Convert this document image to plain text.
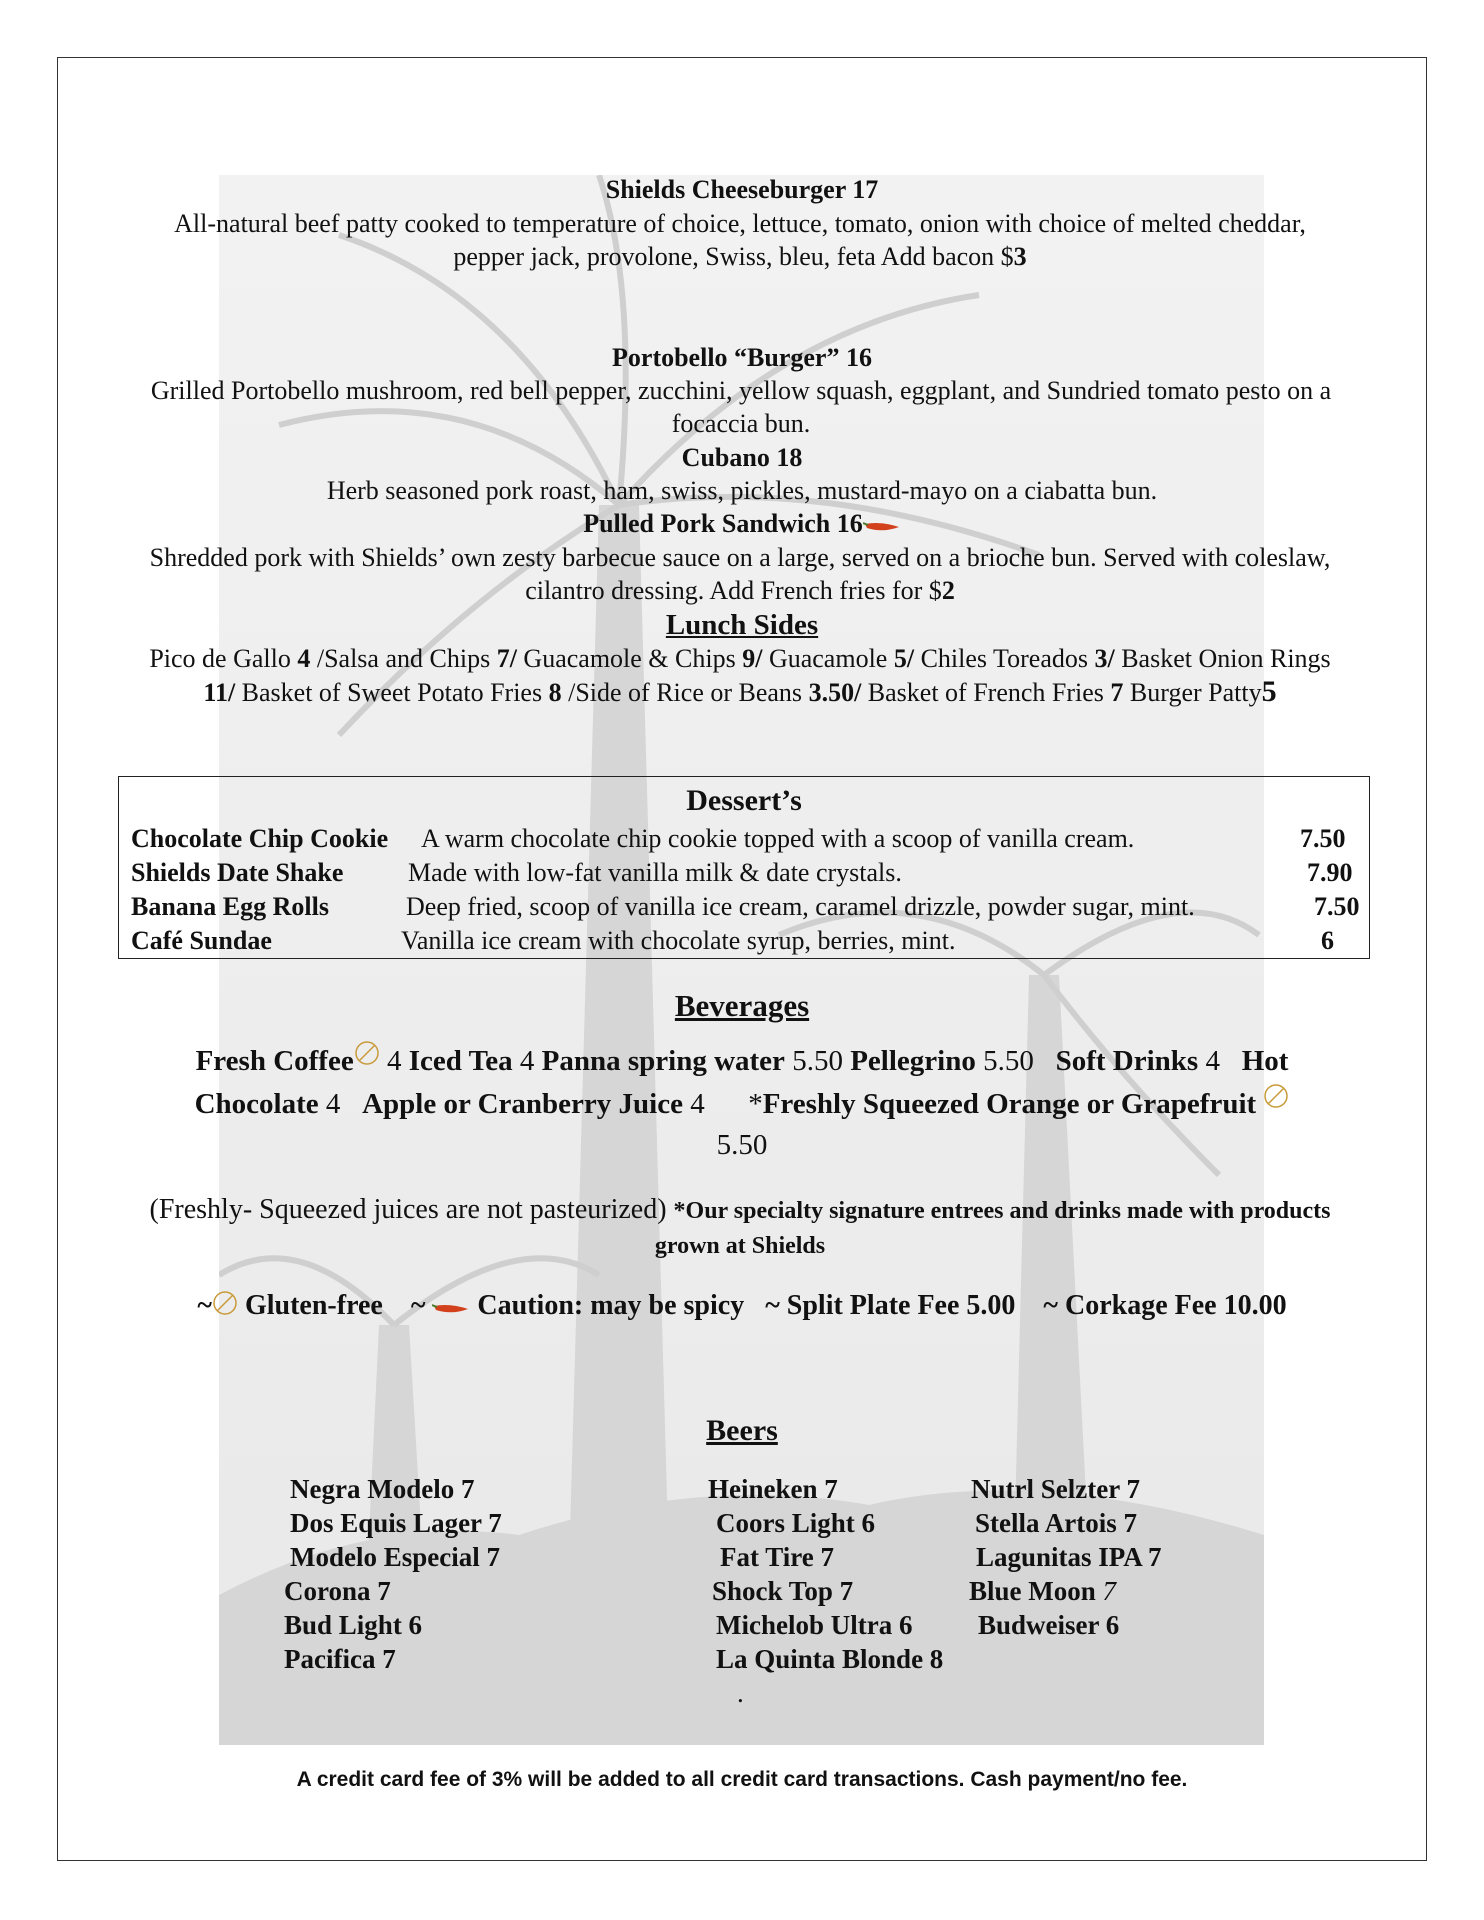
Shields Cheeseburger 17
All-natural beef patty cooked to temperature of choice, lettuce, tomato, onion with choice of melted cheddar, pepper jack, provolone, Swiss, bleu, feta Add bacon $3
Portobello “Burger” 16
Grilled Portobello mushroom, red bell pepper, zucchini, yellow squash, eggplant, and Sundried tomato pesto on a focaccia bun.
Cubano 18
Herb seasoned pork roast, ham, swiss, pickles, mustard-mayo on a ciabatta bun.
Pulled Pork Sandwich 16
Shredded pork with Shields’ own zesty barbecue sauce on a large, served on a brioche bun. Served with coleslaw, cilantro dressing. Add French fries for $2
Lunch Sides
Pico de Gallo 4 /Salsa and Chips 7/ Guacamole & Chips 9/ Guacamole 5/ Chiles Toreados 3/ Basket Onion Rings 11/ Basket of Sweet Potato Fries 8 /Side of Rice or Beans 3.50/ Basket of French Fries 7 Burger Patty5
Dessert’s
Chocolate Chip Cookie A warm chocolate chip cookie topped with a scoop of vanilla cream.	7.50
Shields Date Shake Made with low-fat vanilla milk & date crystals.	7.90
Banana Egg Rolls	Deep fried, scoop of vanilla ice cream, caramel drizzle, powder sugar, mint.	7.50
Café Sundae	Vanilla ice cream with chocolate syrup, berries, mint.	6
Beverages
Fresh Coffee 4 Iced Tea 4 Panna spring water 5.50 Pellegrino 5.50   Soft Drinks 4   Hot
Chocolate 4   Apple or Cranberry Juice 4      *Freshly Squeezed Orange or Grapefruit
5.50
(Freshly- Squeezed juices are not pasteurized) *Our specialty signature entrees and drinks made with products grown at Shields
~ Gluten-free ~  Caution: may be spicy ~ Split Plate Fee 5.00 ~ Corkage Fee 10.00
Beers
Negra Modelo 7
Dos Equis Lager 7
Modelo Especial 7
Corona 7
Bud Light 6
Pacifica 7
Heineken 7
Coors Light 6
Fat Tire 7
Shock Top 7
Michelob Ultra 6
La Quinta Blonde 8
Nutrl Selzter 7
Stella Artois 7
Lagunitas IPA 7
Blue Moon 7
Budweiser 6
.
A credit card fee of 3% will be added to all credit card transactions. Cash payment/no fee.
